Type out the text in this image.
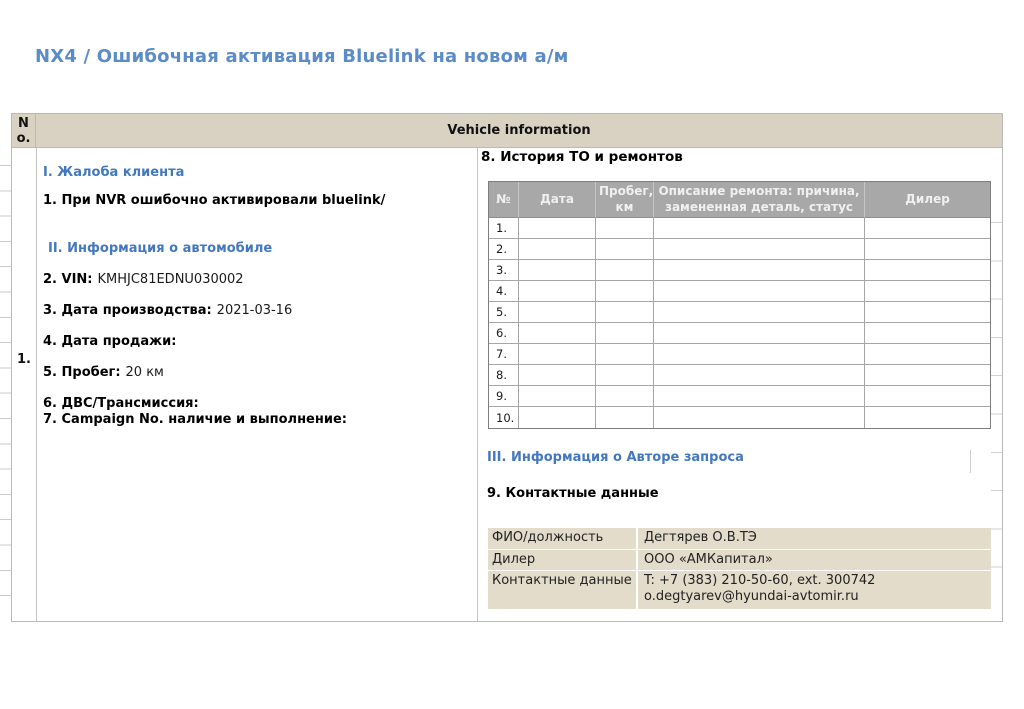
NX4 / Ошибочная активация Bluelink на новом а/м
No.	Vehicle information
1.
I. Жалоба клиента
1. При NVR ошибочно активировали bluelink/
II. Информация о автомобиле
2. VIN: KMHJC81EDNU030002
3. Дата производства: 2021-03-16
4. Дата продажи:
5. Пробег: 20 км
6. ДВС/Трансмиссия:
7. Campaign No. наличие и выполнение:
8. История ТО и ремонтов
№	Дата	Пробег, км	Описание ремонта: причина, замененная деталь, статус	Дилер
1.				
2.				
3.				
4.				
5.				
6.				
7.				
8.				
9.				
10.				
III. Информация о Авторе запроса
9. Контактные данные
ФИО/должность	Дегтярев О.В.ТЭ
Дилер	ООО «АМКапитал»
Контактные данные T: +7 (383) 210-50-60, ext. 300742
o.degtyarev@hyundai-avtomir.ru
